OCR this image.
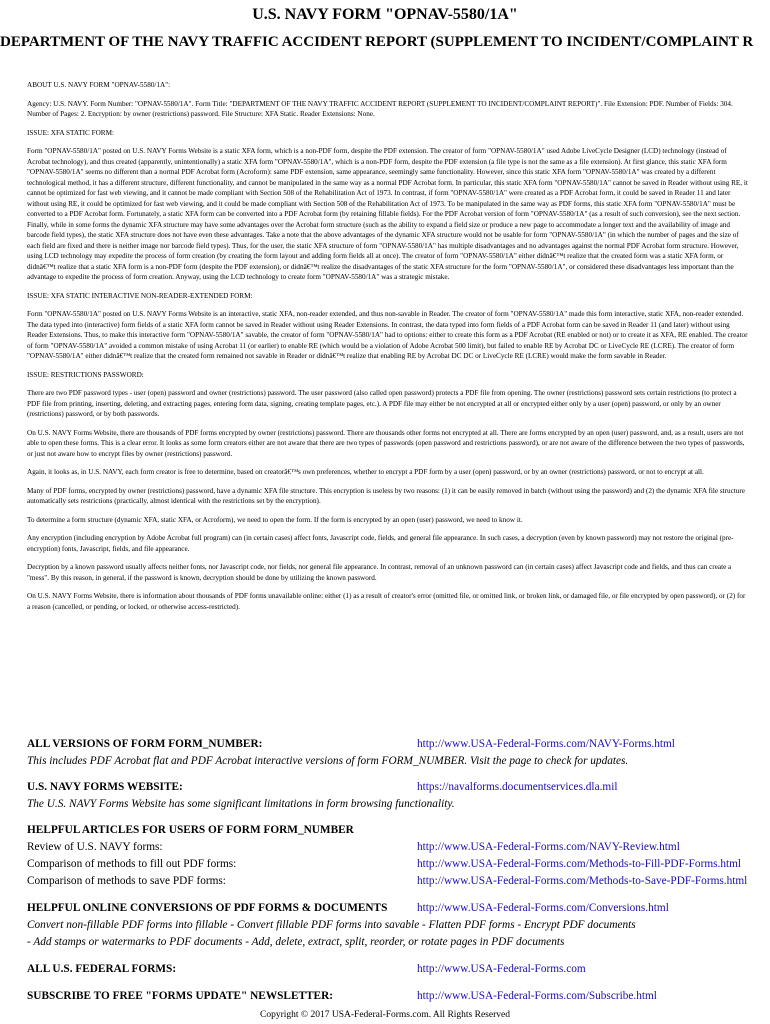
U.S. NAVY FORM "OPNAV-5580/1A"
DEPARTMENT OF THE NAVY TRAFFIC ACCIDENT REPORT (SUPPLEMENT TO INCIDENT/COMPLAINT R

ABOUT U.S. NAVY FORM "OPNAV-5580/1A":

Agency: U.S. NAVY. Form Number: "OPNAV-5580/1A". Form Title: "DEPARTMENT OF THE NAVY TRAFFIC ACCIDENT REPORT (SUPPLEMENT TO INCIDENT/COMPLAINT REPORT)". File Extension: PDF. Number of Fields: 304. Number of Pages: 2. Encryption: by owner (restrictions) password. File Structure: XFA Static. Reader Extensions: None.

ISSUE: XFA STATIC FORM:

Form "OPNAV-5580/1A" posted on U.S. NAVY Forms Website is a static XFA form, which is a non-PDF form, despite the PDF extension. The creator of form "OPNAV-5580/1A" used Adobe LiveCycle Designer (LCD) technology (instead of Acrobat technology), and thus created (apparently, unintentionally) a static XFA form "OPNAV-5580/1A", which is a non-PDF form, despite the PDF extension (a file type is not the same as a file extension). At first glance, this static XFA form "OPNAV-5580/1A" seems no different than a normal PDF Acrobat form (Acroform): same PDF extension, same appearance, seemingly same functionality. However, since this static XFA form "OPNAV-5580/1A" was created by a different technological method, it has a different structure, different functionality, and cannot be manipulated in the same way as a normal PDF Acrobat form. In particular, this static XFA form "OPNAV-5580/1A" cannot be saved in Reader without using RE, it cannot be optimized for fast web viewing, and it cannot be made compliant with Section 508 of the Rehabilitation Act of 1973. In contrast, if form "OPNAV-5580/1A" were created as a PDF Acrobat form, it could be saved in Reader 11 and later without using RE, it could be optimized for fast web viewing, and it could be made compliant with Section 508 of the Rehabilitation Act of 1973. To be manipulated in the same way as PDF forms, this static XFA form "OPNAV-5580/1A" must be converted to a PDF Acrobat form. Fortunately, a static XFA form can be converted into a PDF Acrobat form (by retaining fillable fields). For the PDF Acrobat version of form "OPNAV-5580/1A" (as a result of such conversion), see the next section. Finally, while in some forms the dynamic XFA structure may have some advantages over the Acrobat form structure (such as the ability to expand a field size or produce a new page to accommodate a longer text and the availability of image and barcode field types), the static XFA structure does not have even these advantages. Take a note that the above advantages of the dynamic XFA structure would not be usable for form "OPNAV-5580/1A" (in which the number of pages and the size of each field are fixed and there is neither image nor barcode field types). Thus, for the user, the static XFA structure of form "OPNAV-5580/1A" has multiple disadvantages and no advantages against the normal PDF Acrobat form structure. However, using LCD technology may expedite the process of form creation (by creating the form layout and adding form fields all at once). The creator of form "OPNAV-5580/1A" either didnâ€™t realize that the created form was a static XFA form, or didnâ€™t realize that a static XFA form is a non-PDF form (despite the PDF extension), or didnâ€™t realize the disadvantages of the static XFA structure for the form "OPNAV-5580/1A", or considered these disadvantages less important than the advantage to expedite the process of form creation. Anyway, using the LCD technology to create form "OPNAV-5580/1A" was a strategic mistake.

ISSUE: XFA STATIC INTERACTIVE NON-READER-EXTENDED FORM:

Form "OPNAV-5580/1A" posted on U.S. NAVY Forms Website is an interactive, static XFA, non-reader extended, and thus non-savable in Reader. The creator of form "OPNAV-5580/1A" made this form interactive, static XFA, non-reader extended. The data typed into (interactive) form fields of a static XFA form cannot be saved in Reader without using Reader Extensions. In contrast, the data typed into form fields of a PDF Acrobat form can be saved in Reader 11 (and later) without using Reader Extensions. Thus, to make this interactive form "OPNAV-5580/1A" savable, the creator of form "OPNAV-5580/1A" had to options: either to create this form as a PDF Acrobat (RE enabled or not) or to create it as XFA, RE enabled. The creator of form "OPNAV-5580/1A" avoided a common mistake of using Acrobat 11 (or earlier) to enable RE (which would be a violation of Adobe Acrobat 500 limit), but failed to enable RE by Acrobat DC or LiveCycle RE (LCRE). The creator of form "OPNAV-5580/1A" either didnâ€™t realize that the created form remained not savable in Reader or didnâ€™t realize that enabling RE by Acrobat DC DC or LiveCycle RE (LCRE) would make the form savable in Reader.

ISSUE: RESTRICTIONS PASSWORD:

There are two PDF password types - user (open) password and owner (restrictions) password. The user password (also called open password) protects a PDF file from opening. The owner (restrictions) password sets certain restrictions (to protect a PDF file from printing, inserting, deleting, and extracting pages, entering form data, signing, creating template pages, etc.). A PDF file may either be not encrypted at all or encrypted either only by a user (open) password, or only by an owner (restrictions) password, or by both passwords.

On U.S. NAVY Forms Website, there are thousands of PDF forms encrypted by owner (restrictions) password. There are thousands other forms not encrypted at all. There are forms encrypted by an open (user) password, and, as a result, users are not able to open these forms. This is a clear error. It looks as some form creators either are not aware that there are two types of passwords (open password and restrictions password), or are not aware of the difference between the two types of passwords, or just not aware how to encrypt files by owner (restrictions) password.

Again, it looks as, in U.S. NAVY, each form creator is free to determine, based on creatorâ€™s own preferences, whether to encrypt a PDF form by a user (open) password, or by an owner (restrictions) password, or not to encrypt at all.

Many of PDF forms, encrypted by owner (restrictions) password, have a dynamic XFA file structure. This encryption is useless by two reasons: (1) it can be easily removed in batch (without using the password) and (2) the dynamic XFA file structure automatically sets restrictions (practically, almost identical with the restrictions set by the encryption).

To determine a form structure (dynamic XFA, static XFA, or Acroform), we need to open the form. If the form is encrypted by an open (user) password, we need to know it.

Any encryption (including encryption by Adobe Acrobat full program) can (in certain cases) affect fonts, Javascript code, fields, and general file appearance. In such cases, a decryption (even by known password) may not restore the original (pre-encryption) fonts, Javascript, fields, and file appearance.

Decryption by a known password usually affects neither fonts, nor Javascript code, nor fields, nor general file appearance. In contrast, removal of an unknown password can (in certain cases) affect Javascript code and fields, and thus can create a "mess". By this reason, in general, if the password is known, decryption should be done by utilizing the known password.

On U.S. NAVY Forms Website, there is information about thousands of PDF forms unavailable online: either (1) as a result of creator's error (omitted file, or omitted link, or broken link, or damaged file, or file encrypted by open password), or (2) for a reason (cancelled, or pending, or locked, or otherwise access-restricted).

ALL VERSIONS OF FORM FORM_NUMBER:	http://www.USA-Federal-Forms.com/NAVY-Forms.html
This includes PDF Acrobat flat and PDF Acrobat interactive versions of form FORM_NUMBER. Visit the page to check for updates.
U.S. NAVY FORMS WEBSITE:	https://navalforms.documentservices.dla.mil
The U.S. NAVY Forms Website has some significant limitations in form browsing functionality.
HELPFUL ARTICLES FOR USERS OF FORM FORM_NUMBER
Review of U.S. NAVY forms:	http://www.USA-Federal-Forms.com/NAVY-Review.html
Comparison of methods to fill out PDF forms:	http://www.USA-Federal-Forms.com/Methods-to-Fill-PDF-Forms.html
Comparison of methods to save PDF forms:	http://www.USA-Federal-Forms.com/Methods-to-Save-PDF-Forms.html
HELPFUL ONLINE CONVERSIONS OF PDF FORMS & DOCUMENTS	http://www.USA-Federal-Forms.com/Conversions.html
Convert non-fillable PDF forms into fillable - Convert fillable PDF forms into savable - Flatten PDF forms - Encrypt PDF documents
- Add stamps or watermarks to PDF documents - Add, delete, extract, split, reorder, or rotate pages in PDF documents
ALL U.S. FEDERAL FORMS:	http://www.USA-Federal-Forms.com
SUBSCRIBE TO FREE "FORMS UPDATE" NEWSLETTER:	http://www.USA-Federal-Forms.com/Subscribe.html
Copyright © 2017 USA-Federal-Forms.com. All Rights Reserved
